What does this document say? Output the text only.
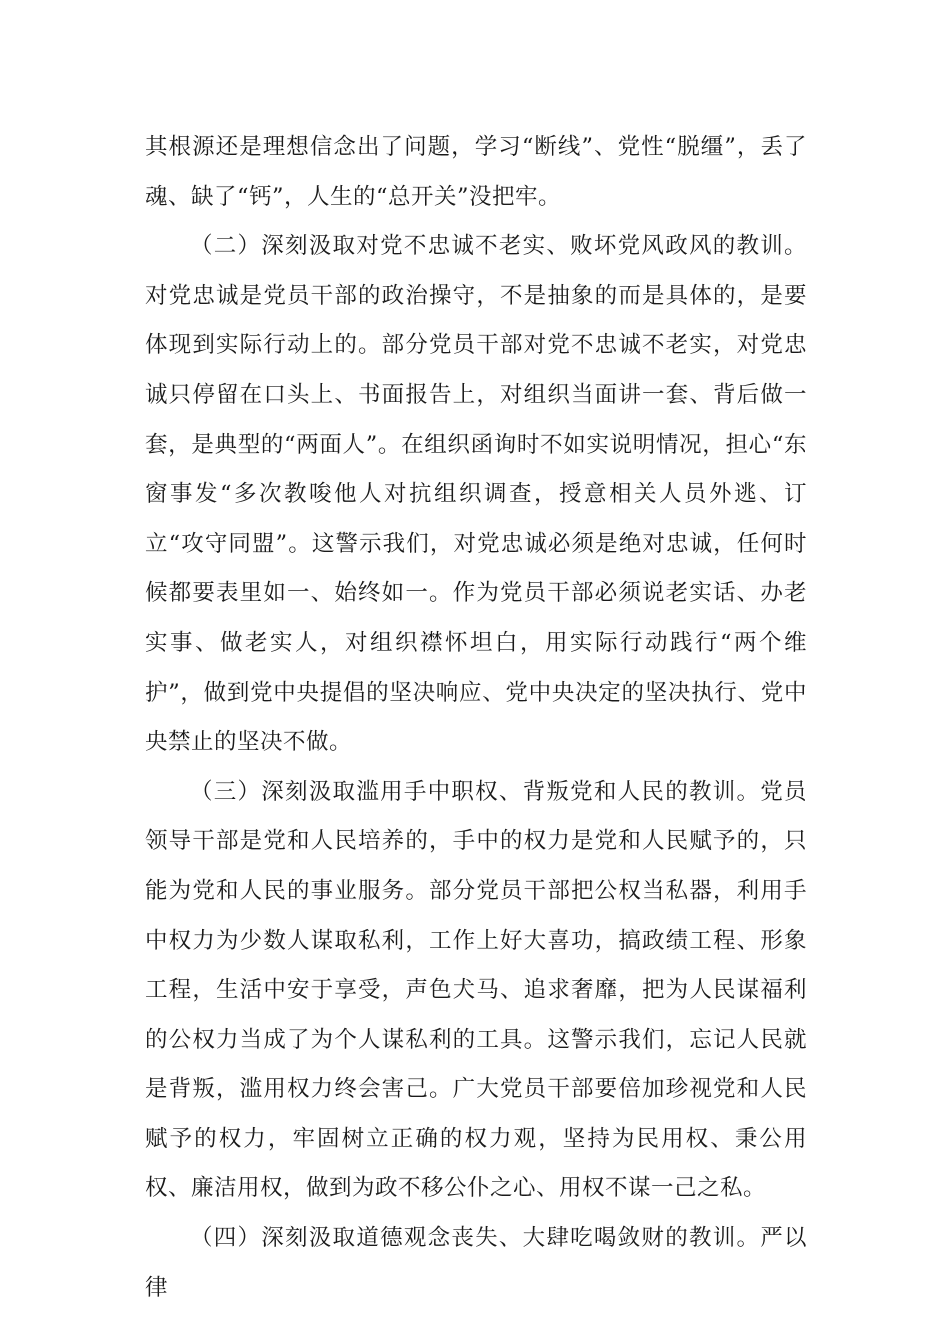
其根源还是理想信念出了问题，学习“断线”、党性“脱缰”，丢了魂、缺了“钙”，人生的“总开关”没把牢。

（二）深刻汲取对党不忠诚不老实、败坏党风政风的教训。对党忠诚是党员干部的政治操守，不是抽象的而是具体的，是要体现到实际行动上的。部分党员干部对党不忠诚不老实，对党忠诚只停留在口头上、书面报告上，对组织当面讲一套、背后做一套，是典型的“两面人”。在组织函询时不如实说明情况，担心“东窗事发“多次教唆他人对抗组织调查，授意相关人员外逃、订立“攻守同盟”。这警示我们，对党忠诚必须是绝对忠诚，任何时候都要表里如一、始终如一。作为党员干部必须说老实话、办老实事、做老实人，对组织襟怀坦白，用实际行动践行“两个维护”，做到党中央提倡的坚决响应、党中央决定的坚决执行、党中央禁止的坚决不做。

（三）深刻汲取滥用手中职权、背叛党和人民的教训。党员领导干部是党和人民培养的，手中的权力是党和人民赋予的，只能为党和人民的事业服务。部分党员干部把公权当私器，利用手中权力为少数人谋取私利，工作上好大喜功，搞政绩工程、形象工程，生活中安于享受，声色犬马、追求奢靡，把为人民谋福利的公权力当成了为个人谋私利的工具。这警示我们，忘记人民就是背叛，滥用权力终会害己。广大党员干部要倍加珍视党和人民赋予的权力，牢固树立正确的权力观，坚持为民用权、秉公用权、廉洁用权，做到为政不移公仆之心、用权不谋一己之私。

（四）深刻汲取道德观念丧失、大肆吃喝敛财的教训。严以律
